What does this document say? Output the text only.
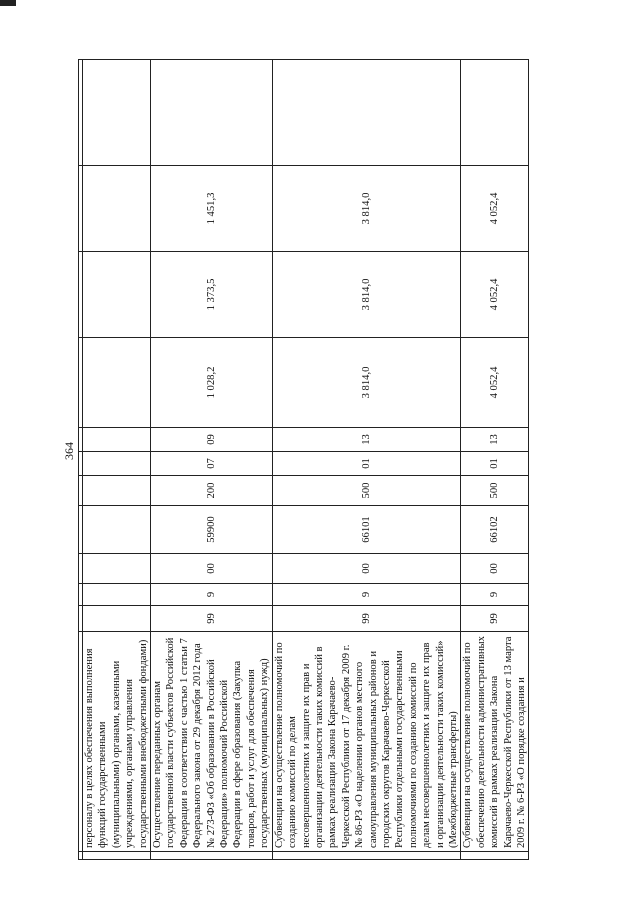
364

	персоналу в целях обеспечения выполнения функций государственными (муниципальными) органами, казенными учреждениями, органами управления государственными внебюджетными фондами)											
	Осуществление переданных органам государственной власти субъектов Российской Федерации в соответствии с частью 1 статьи 7 Федерального закона от 29 декабря 2012 года № 273-ФЗ «Об образовании в Российской Федерации» полномочий Российской Федерации в сфере образования (Закупка товаров, работ и услуг для обеспечения государственных (муниципальных) нужд)	99	9	00	59900	200	07	09	1 028,2	1 373,5	1 451,3	
	Субвенции на осуществление полномочий по созданию комиссий по делам несовершеннолетних и защите их прав и организации деятельности таких комиссий в рамках реализации Закона Карачаево-Черкесской Республики от 17 декабря 2009 г. № 86-РЗ «О наделении органов местного самоуправления муниципальных районов и городских округов Карачаево-Черкесской Республики отдельными государственными полномочиями по созданию комиссий по делам несовершеннолетних и защите их прав и организации деятельности таких комиссий» (Межбюджетные трансферты)	99	9	00	66101	500	01	13	3 814,0	3 814,0	3 814,0	
	Субвенции на осуществление полномочий по обеспечению деятельности административных комиссий в рамках реализации Закона Карачаево-Черкесской Республики от 13 марта 2009 г. № 6-РЗ «О порядке создания и	99	9	00	66102	500	01	13	4 052,4	4 052,4	4 052,4	
